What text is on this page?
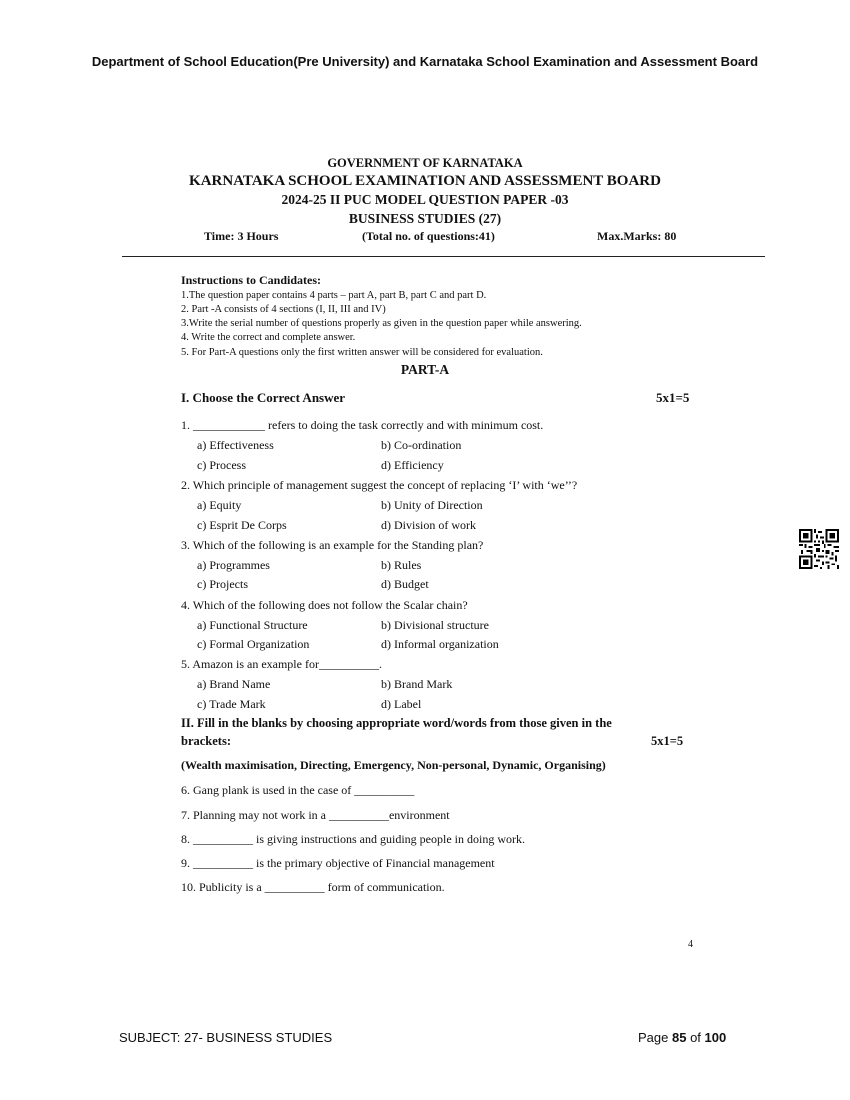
Department of School Education(Pre University) and Karnataka School Examination and Assessment Board
GOVERNMENT OF KARNATAKA
KARNATAKA SCHOOL EXAMINATION AND ASSESSMENT BOARD
2024-25 II PUC MODEL QUESTION PAPER -03
BUSINESS STUDIES (27)
Time: 3 Hours	(Total no. of questions:41)	Max.Marks: 80
Instructions to Candidates:
1.The question paper contains 4 parts – part A, part B, part C and part D.
2. Part -A consists of 4 sections (I, II, III and IV)
3.Write the serial number of questions properly as given in the question paper while answering.
4. Write the correct and complete answer.
5. For Part-A questions only the first written answer will be considered for evaluation.
PART-A
I. Choose the Correct Answer	5x1=5
1. ____________ refers to doing the task correctly and with minimum cost.
a) Effectiveness	b) Co-ordination
c) Process	d) Efficiency
2. Which principle of management suggest the concept of replacing ‘I’ with ‘we’’?
a) Equity	b) Unity of Direction
c) Esprit De Corps	d) Division of work
3. Which of the following is an example for the Standing plan?
a) Programmes	b) Rules
c) Projects	d) Budget
4. Which of the following does not follow the Scalar chain?
a) Functional Structure	b) Divisional structure
c) Formal Organization	d) Informal organization
5. Amazon is an example for__________.
a) Brand Name	b) Brand Mark
c) Trade Mark	d) Label
II. Fill in the blanks by choosing appropriate word/words from those given in the
brackets:	5x1=5
(Wealth maximisation, Directing, Emergency, Non-personal, Dynamic, Organising)
6. Gang plank is used in the case of __________
7. Planning may not work in a __________environment
8. __________ is giving instructions and guiding people in doing work.
9. __________ is the primary objective of Financial management
10. Publicity is a __________ form of communication.
4
SUBJECT: 27- BUSINESS STUDIES	Page 85 of 100
